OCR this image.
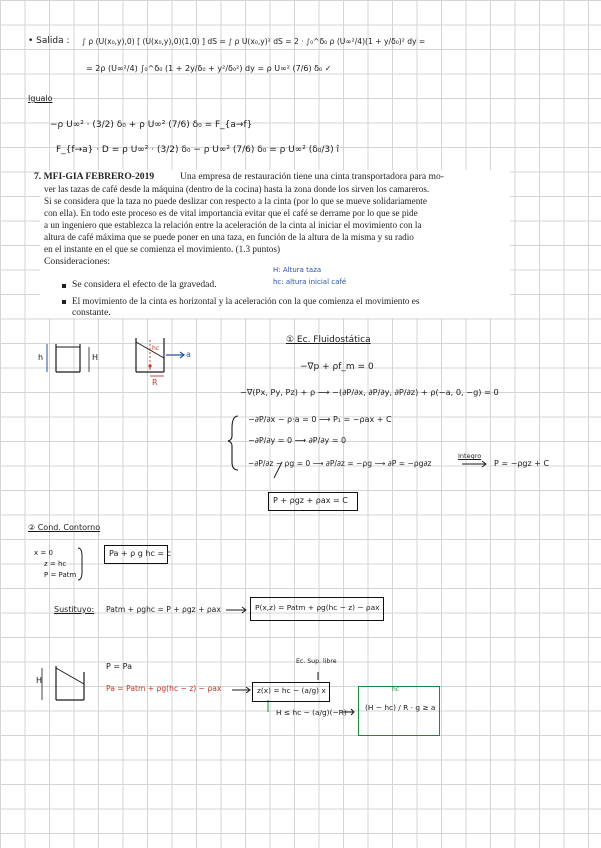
• Salida : ∫ ρ (U(x₀,y),0) [ (U(x₀,y),0)(1,0) ] dS = ∫ ρ U(x₀,y)² dS = 2 · ∫₀^δ₀ ρ (U∞²/4)(1 + y/δ₀)² dy =
= 2ρ (U∞²/4) ∫₀^δ₀ (1 + 2y/δ₀ + y²/δ₀²) dy = ρ U∞² (7/6) δ₀ ✓
Igualo
−ρ U∞² · (3/2) δ₀ + ρ U∞² (7/6) δ₀ = F_{a→f}
F_{f→a} · D = ρ U∞² · (3/2) δ₀ − ρ U∞² (7/6) δ₀ = ρ U∞² (δ₀/3) î
7. MFI-GIA FEBRERO-2019	Una empresa de restauración tiene una cinta transportadora para mo-
ver las tazas de café desde la máquina (dentro de la cocina) hasta la zona donde los sirven los camareros.
Si se considera que la taza no puede deslizar con respecto a la cinta (por lo que se mueve solidariamente
con ella). En todo este proceso es de vital importancia evitar que el café se derrame por lo que se pide
a un ingeniero que establezca la relación entre la aceleración de la cinta al iniciar el movimiento con la
altura de café máxima que se puede poner en una taza, en función de la altura de la misma y su radio
en el instante en el que se comienza el movimiento. (1.3 puntos)
Consideraciones:
Se considera el efecto de la gravedad.
El movimiento de la cinta es horizontal y la aceleración con la que comienza el movimiento es
constante.
H: Altura taza
hc: altura inicial café
h	H	a
R
hc
① Ec. Fluidostática
−∇p + ρf_m = 0
−∇(Px, Py, Pz) + ρ ⟶ −(∂P/∂x, ∂P/∂y, ∂P/∂z) + ρ(−a, 0, −g) = 0
−∂P/∂x − ρ·a = 0 ⟶ P₁ = −ρax + C
−∂P/∂y = 0 ⟶ ∂P/∂y = 0
−∂P/∂z − ρg = 0 ⟶ ∂P/∂z = −ρg ⟶ ∂P = −ρg∂z
Integro
P = −ρgz + C
P + ρgz + ρax = C
② Cond. Contorno
x = 0
z = hc
P = Patm
Pa + ρ g hc = c
Sustituyo: Patm + ρghc = P + ρgz + ρax	P(x,z) = Patm + ρg(hc − z) − ρax
P = Pa
Pa = Patm + ρg(hc − z) − ρax
Ec. Sup. libre
z(x) = hc − (a/g) x
H
H ≤ hc − (a/g)(−R)
(H − hc) / R · g ≥ a
hc
